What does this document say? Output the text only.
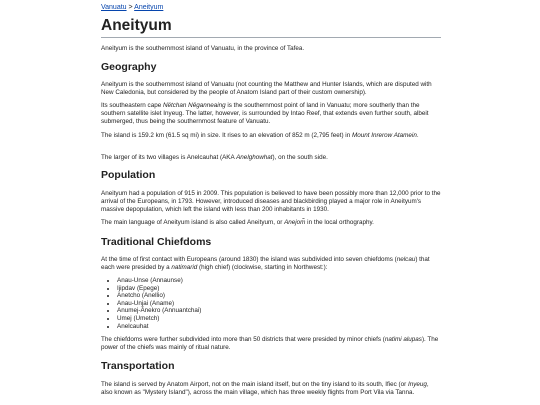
Vanuatu > Aneityum
Aneityum

Aneityum is the southernmost island of Vanuatu, in the province of Tafea.

Geography

Aneityum is the southernmost island of Vanuatu (not counting the Matthew and Hunter Islands, which are disputed with New Caledonia, but considered by the people of Anatom Island part of their custom ownership).

Its southeastern cape Nëtchan Nëganneaing is the southernmost point of land in Vanuatu; more southerly than the southern satellite islet Inyeug. The latter, however, is surrounded by Intao Reef, that extends even further south, albeit submerged, thus being the southernmost feature of Vanuatu.

The island is 159.2 km (61.5 sq mi) in size. It rises to an elevation of 852 m (2,795 feet) in Mount Inrerow Atamein.

The larger of its two villages is Anelcauhat (AKA Anelghowhat), on the south side.

Population

Aneityum had a population of 915 in 2009. This population is believed to have been possibly more than 12,000 prior to the arrival of the Europeans, in 1793. However, introduced diseases and blackbirding played a major role in Aneityum's massive depopulation, which left the island with less than 200 inhabitants in 1930.

The main language of Aneityum island is also called Aneityum, or Anejom̃ in the local orthography.

Traditional Chiefdoms

At the time of first contact with Europeans (around 1830) the island was subdivided into seven chiefdoms (nelcau) that each were presided by a natimarid (high chief) (clockwise, starting in Northwest:):

• Anau-Unse (Annaunse)
• Ijipdav (Epege)
• Anetcho (Anellio)
• Anau-Unjai (Aname)
• Anumej-Änekro (Annuantchai)
• Umej (Umetch)
• Anelcauhat

The chiefdoms were further subdivided into more than 50 districts that were presided by minor chiefs (natimi alupas). The power of the chiefs was mainly of ritual nature.

Transportation

The island is served by Anatom Airport, not on the main island itself, but on the tiny island to its south, Ifiec (or Inyeug, also known as "Mystery Island"), across the main village, which has three weekly flights from Port Vila via Tanna.
